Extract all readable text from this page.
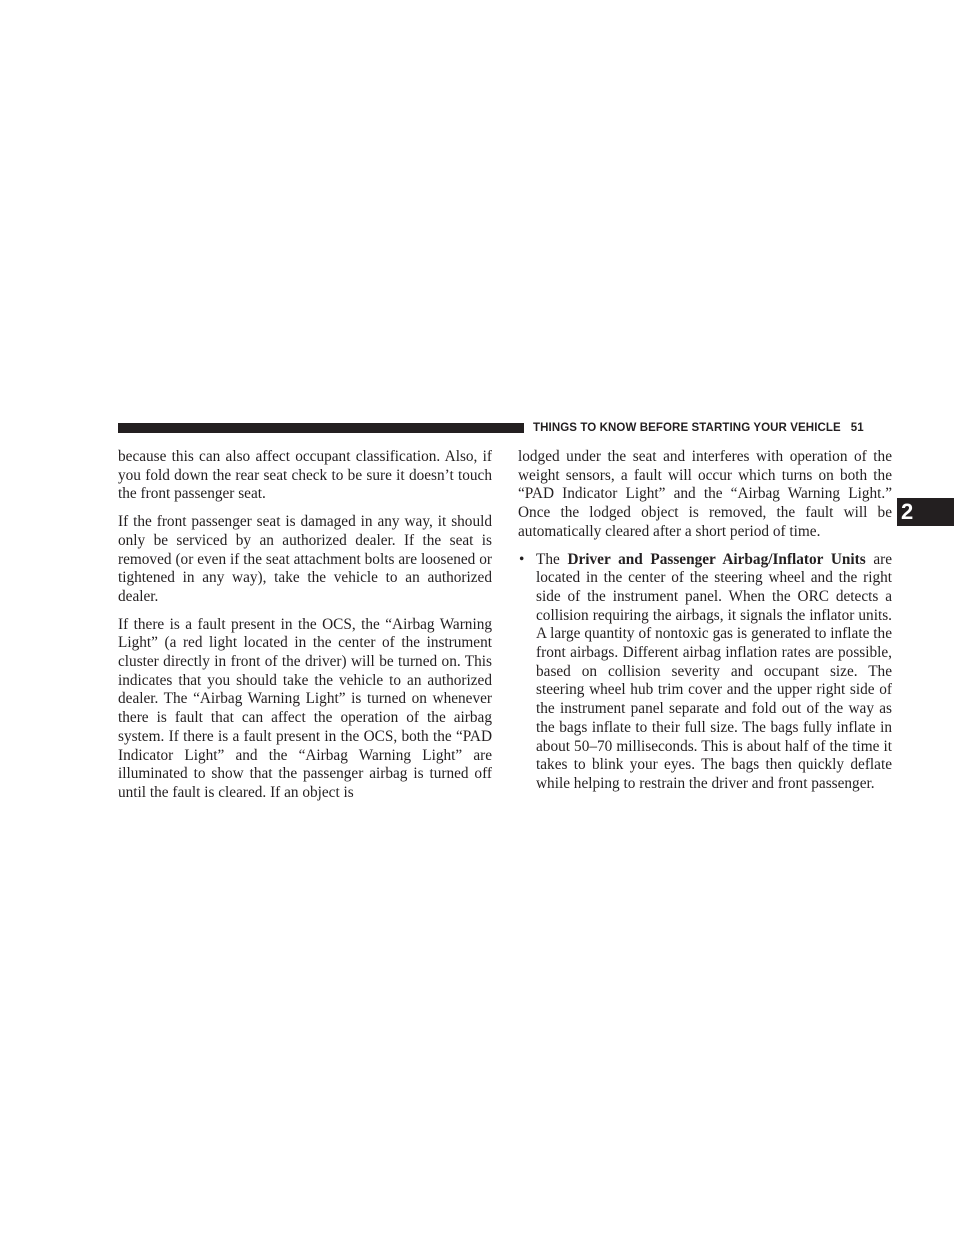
THINGS TO KNOW BEFORE STARTING YOUR VEHICLE 51
2

because this can also affect occupant classification. Also, if you fold down the rear seat check to be sure it doesn’t touch the front passenger seat.

If the front passenger seat is damaged in any way, it should only be serviced by an authorized dealer. If the seat is removed (or even if the seat attachment bolts are loosened or tightened in any way), take the vehicle to an authorized dealer.

If there is a fault present in the OCS, the “Airbag Warning Light” (a red light located in the center of the instrument cluster directly in front of the driver) will be turned on. This indicates that you should take the vehicle to an authorized dealer. The “Airbag Warning Light” is turned on whenever there is fault that can affect the operation of the airbag system. If there is a fault present in the OCS, both the “PAD Indicator Light” and the “Airbag Warning Light” are illuminated to show that the passenger airbag is turned off until the fault is cleared. If an object is

lodged under the seat and interferes with operation of the weight sensors, a fault will occur which turns on both the “PAD Indicator Light” and the “Airbag Warning Light.” Once the lodged object is removed, the fault will be automatically cleared after a short period of time.

• The Driver and Passenger Airbag/Inflator Units are located in the center of the steering wheel and the right side of the instrument panel. When the ORC detects a collision requiring the airbags, it signals the inflator units. A large quantity of nontoxic gas is generated to inflate the front airbags. Different airbag inflation rates are possible, based on collision severity and occupant size. The steering wheel hub trim cover and the upper right side of the instrument panel separate and fold out of the way as the bags inflate to their full size. The bags fully inflate in about 50–70 milliseconds. This is about half of the time it takes to blink your eyes. The bags then quickly deflate while helping to restrain the driver and front passenger.
